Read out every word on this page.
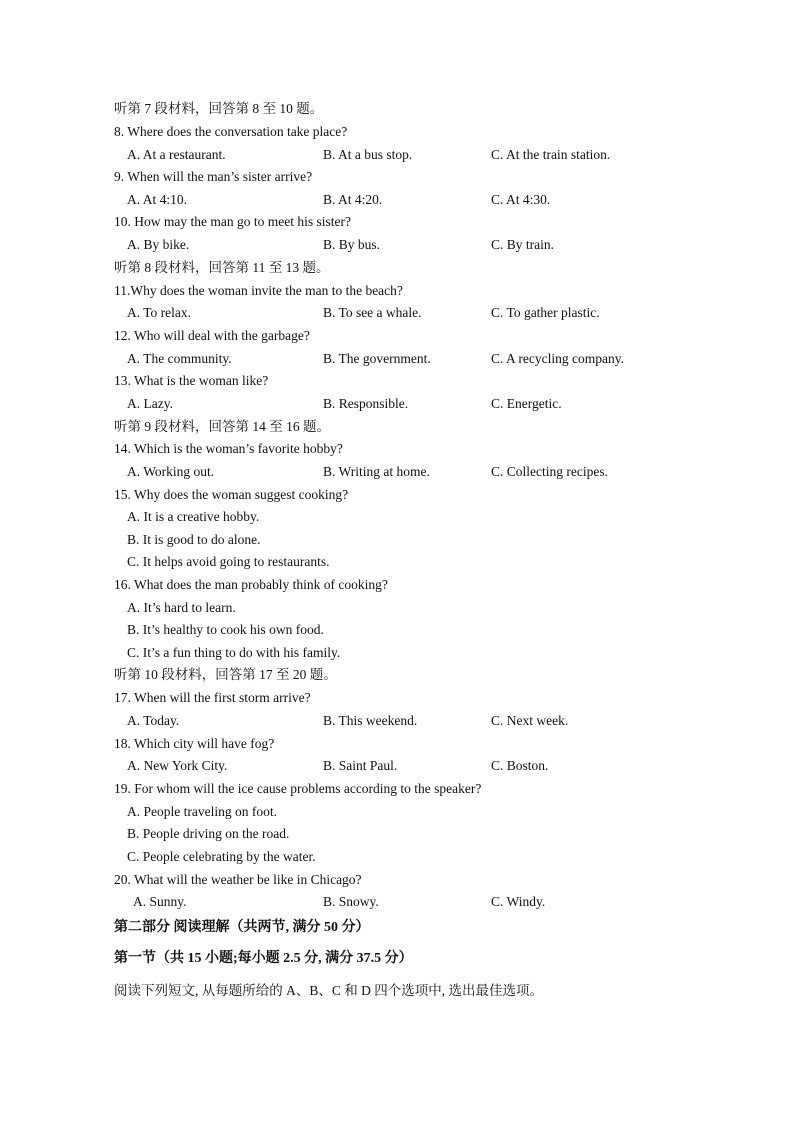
听第 7 段材料，回答第 8 至 10 题。
8. Where does the conversation take place?
A. At a restaurant.	B. At a bus stop.	C. At the train station.
9. When will the man’s sister arrive?
A. At 4:10.	B. At 4:20.	C. At 4:30.
10. How may the man go to meet his sister?
A. By bike.	B. By bus.	C. By train.
听第 8 段材料，回答第 11 至 13 题。
11.Why does the woman invite the man to the beach?
A. To relax.	B. To see a whale.	C. To gather plastic.
12. Who will deal with the garbage?
A. The community.	B. The government.	C. A recycling company.
13. What is the woman like?
A. Lazy.	B. Responsible.	C. Energetic.
听第 9 段材料，回答第 14 至 16 题。
14. Which is the woman’s favorite hobby?
A. Working out.	B. Writing at home.	C. Collecting recipes.
15. Why does the woman suggest cooking?
A. It is a creative hobby.
B. It is good to do alone.
C. It helps avoid going to restaurants.
16. What does the man probably think of cooking?
A. It’s hard to learn.
B. It’s healthy to cook his own food.
C. It’s a fun thing to do with his family.
听第 10 段材料，回答第 17 至 20 题。
17. When will the first storm arrive?
A. Today.	B. This weekend.	C. Next week.
18. Which city will have fog?
A. New York City.	B. Saint Paul.	C. Boston.
19. For whom will the ice cause problems according to the speaker?
A. People traveling on foot.
B. People driving on the road.
C. People celebrating by the water.
20. What will the weather be like in Chicago?
A. Sunny.	B. Snowy.	C. Windy.
第二部分 阅读理解（共两节, 满分 50 分）
第一节（共 15 小题;每小题 2.5 分, 满分 37.5 分）
阅读下列短文, 从每题所给的 A、B、C 和 D 四个选项中, 选出最佳选项。
